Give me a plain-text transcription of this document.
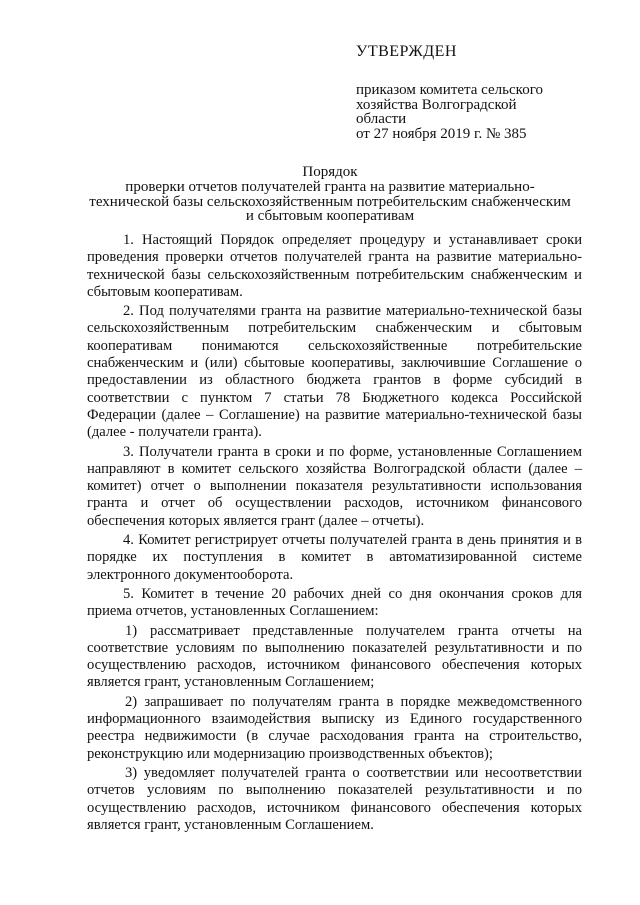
УТВЕРЖДЕН
приказом комитета сельского
хозяйства Волгоградской
области
от 27 ноября 2019 г. № 385
Порядок
проверки отчетов получателей гранта на развитие материально-
технической базы сельскохозяйственным потребительским снабженческим
и сбытовым кооперативам

1. Настоящий Порядок определяет процедуру и устанавливает сроки проведения проверки отчетов получателей гранта на развитие материально-технической базы сельскохозяйственным потребительским снабженческим и сбытовым кооперативам.

2. Под получателями гранта на развитие материально-технической базы сельскохозяйственным потребительским снабженческим и сбытовым кооперативам понимаются сельскохозяйственные потребительские снабженческим и (или) сбытовые кооперативы, заключившие Соглашение о предоставлении из областного бюджета грантов в форме субсидий в соответствии с пунктом 7 статьи 78 Бюджетного кодекса Российской Федерации (далее – Соглашение) на развитие материально-технической базы (далее - получатели гранта).

3. Получатели гранта в сроки и по форме, установленные Соглашением направляют в комитет сельского хозяйства Волгоградской области (далее – комитет) отчет о выполнении показателя результативности использования гранта и отчет об осуществлении расходов, источником финансового обеспечения которых является грант (далее – отчеты).

4. Комитет регистрирует отчеты получателей гранта в день принятия и в порядке их поступления в комитет в автоматизированной системе электронного документооборота.

5. Комитет в течение 20 рабочих дней со дня окончания сроков для приема отчетов, установленных Соглашением:

1) рассматривает представленные получателем гранта отчеты на соответствие условиям по выполнению показателей результативности и по осуществлению расходов, источником финансового обеспечения которых является грант, установленным Соглашением;

2) запрашивает по получателям гранта в порядке межведомственного информационного взаимодействия выписку из Единого государственного реестра недвижимости (в случае расходования гранта на строительство, реконструкцию или модернизацию производственных объектов);

3) уведомляет получателей гранта о соответствии или несоответствии отчетов условиям по выполнению показателей результативности и по осуществлению расходов, источником финансового обеспечения которых является грант, установленным Соглашением.
